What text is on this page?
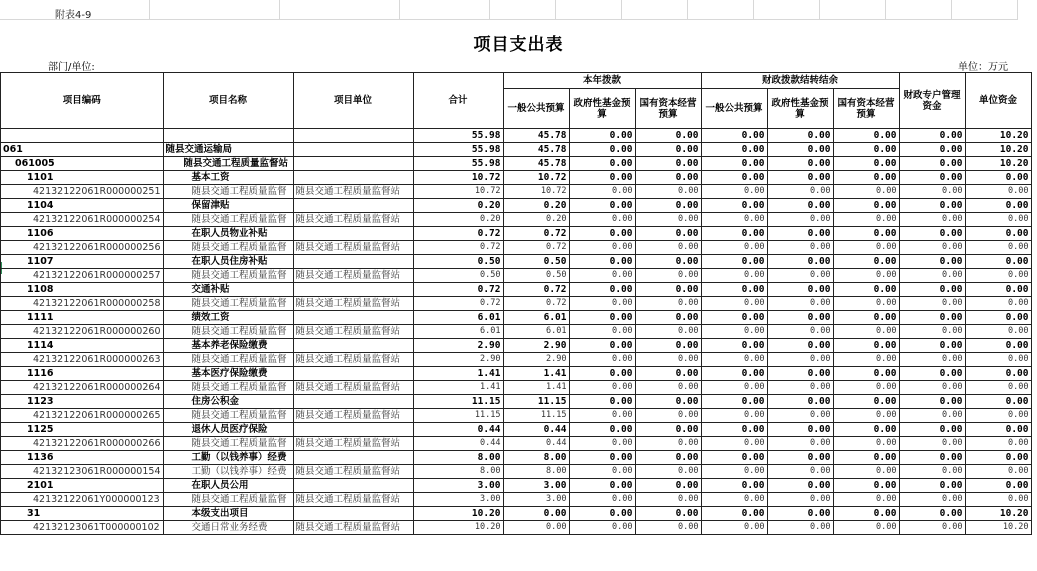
附表4-9
项目支出表
部门/单位:	单位：万元
项目编码	项目名称	项目单位	合计	本年拨款			财政拨款结转结余			财政专户管理资金	单位资金
				一般公共预算	政府性基金预算	国有资本经营预算	一般公共预算	政府性基金预算	国有资本经营预算		
			55.98	45.78	0.00	0.00	0.00	0.00	0.00	0.00	10.20
061	随县交通运输局		55.98	45.78	0.00	0.00	0.00	0.00	0.00	0.00	10.20
061005	随县交通工程质量监督站		55.98	45.78	0.00	0.00	0.00	0.00	0.00	0.00	10.20
1101	基本工资		10.72	10.72	0.00	0.00	0.00	0.00	0.00	0.00	0.00
42132122061R000000251	随县交通工程质量监督	随县交通工程质量监督站	10.72	10.72	0.00	0.00	0.00	0.00	0.00	0.00	0.00
1104	保留津贴		0.20	0.20	0.00	0.00	0.00	0.00	0.00	0.00	0.00
42132122061R000000254	随县交通工程质量监督	随县交通工程质量监督站	0.20	0.20	0.00	0.00	0.00	0.00	0.00	0.00	0.00
1106	在职人员物业补贴		0.72	0.72	0.00	0.00	0.00	0.00	0.00	0.00	0.00
42132122061R000000256	随县交通工程质量监督	随县交通工程质量监督站	0.72	0.72	0.00	0.00	0.00	0.00	0.00	0.00	0.00
1107	在职人员住房补贴		0.50	0.50	0.00	0.00	0.00	0.00	0.00	0.00	0.00
42132122061R000000257	随县交通工程质量监督	随县交通工程质量监督站	0.50	0.50	0.00	0.00	0.00	0.00	0.00	0.00	0.00
1108	交通补贴		0.72	0.72	0.00	0.00	0.00	0.00	0.00	0.00	0.00
42132122061R000000258	随县交通工程质量监督	随县交通工程质量监督站	0.72	0.72	0.00	0.00	0.00	0.00	0.00	0.00	0.00
1111	绩效工资		6.01	6.01	0.00	0.00	0.00	0.00	0.00	0.00	0.00
42132122061R000000260	随县交通工程质量监督	随县交通工程质量监督站	6.01	6.01	0.00	0.00	0.00	0.00	0.00	0.00	0.00
1114	基本养老保险缴费		2.90	2.90	0.00	0.00	0.00	0.00	0.00	0.00	0.00
42132122061R000000263	随县交通工程质量监督	随县交通工程质量监督站	2.90	2.90	0.00	0.00	0.00	0.00	0.00	0.00	0.00
1116	基本医疗保险缴费		1.41	1.41	0.00	0.00	0.00	0.00	0.00	0.00	0.00
42132122061R000000264	随县交通工程质量监督	随县交通工程质量监督站	1.41	1.41	0.00	0.00	0.00	0.00	0.00	0.00	0.00
1123	住房公积金		11.15	11.15	0.00	0.00	0.00	0.00	0.00	0.00	0.00
42132122061R000000265	随县交通工程质量监督	随县交通工程质量监督站	11.15	11.15	0.00	0.00	0.00	0.00	0.00	0.00	0.00
1125	退休人员医疗保险		0.44	0.44	0.00	0.00	0.00	0.00	0.00	0.00	0.00
42132122061R000000266	随县交通工程质量监督	随县交通工程质量监督站	0.44	0.44	0.00	0.00	0.00	0.00	0.00	0.00	0.00
1136	工勤（以钱养事）经费		8.00	8.00	0.00	0.00	0.00	0.00	0.00	0.00	0.00
42132123061R000000154	工勤（以钱养事）经费	随县交通工程质量监督站	8.00	8.00	0.00	0.00	0.00	0.00	0.00	0.00	0.00
2101	在职人员公用		3.00	3.00	0.00	0.00	0.00	0.00	0.00	0.00	0.00
42132122061Y000000123	随县交通工程质量监督	随县交通工程质量监督站	3.00	3.00	0.00	0.00	0.00	0.00	0.00	0.00	0.00
31	本级支出项目		10.20	0.00	0.00	0.00	0.00	0.00	0.00	0.00	10.20
42132123061T000000102	交通日常业务经费	随县交通工程质量监督站	10.20	0.00	0.00	0.00	0.00	0.00	0.00	0.00	10.20
